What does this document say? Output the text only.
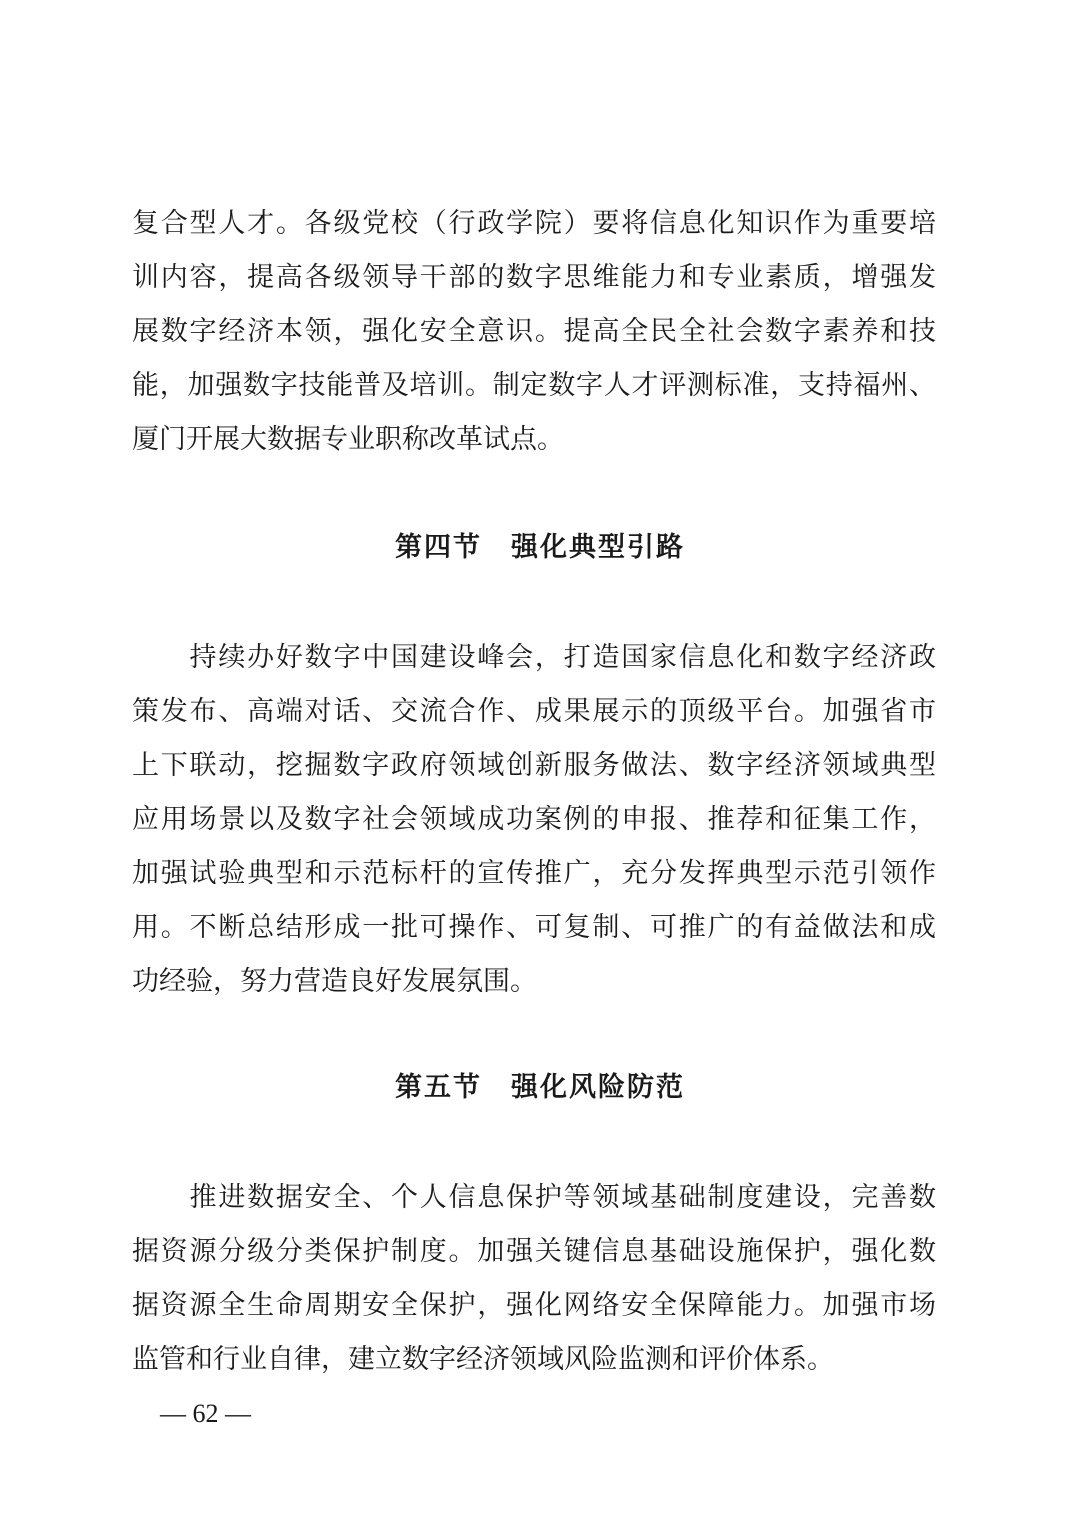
复合型人才。各级党校（行政学院）要将信息化知识作为重要培
训内容，提高各级领导干部的数字思维能力和专业素质，增强发
展数字经济本领，强化安全意识。提高全民全社会数字素养和技
能，加强数字技能普及培训。制定数字人才评测标准，支持福州、
厦门开展大数据专业职称改革试点。
第四节　强化典型引路
　　持续办好数字中国建设峰会，打造国家信息化和数字经济政
策发布、高端对话、交流合作、成果展示的顶级平台。加强省市
上下联动，挖掘数字政府领域创新服务做法、数字经济领域典型
应用场景以及数字社会领域成功案例的申报、推荐和征集工作，
加强试验典型和示范标杆的宣传推广，充分发挥典型示范引领作
用。不断总结形成一批可操作、可复制、可推广的有益做法和成
功经验，努力营造良好发展氛围。
第五节　强化风险防范
　　推进数据安全、个人信息保护等领域基础制度建设，完善数
据资源分级分类保护制度。加强关键信息基础设施保护，强化数
据资源全生命周期安全保护，强化网络安全保障能力。加强市场
监管和行业自律，建立数字经济领域风险监测和评价体系。
— 62 —
